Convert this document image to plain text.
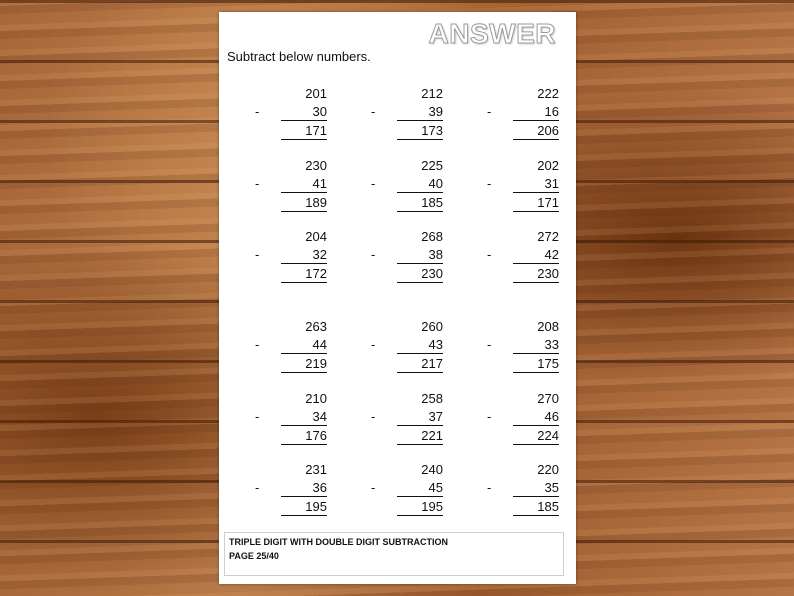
ANSWER
Subtract below numbers.
201
-	30
171
212
-	39
173
222
-	16
206
230
-	41
189
225
-	40
185
202
-	31
171
204
-	32
172
268
-	38
230
272
-	42
230
263
-	44
219
260
-	43
217
208
-	33
175
210
-	34
176
258
-	37
221
270
-	46
224
231
-	36
195
240
-	45
195
220
-	35
185
TRIPLE DIGIT WITH DOUBLE DIGIT SUBTRACTION
PAGE 25/40
